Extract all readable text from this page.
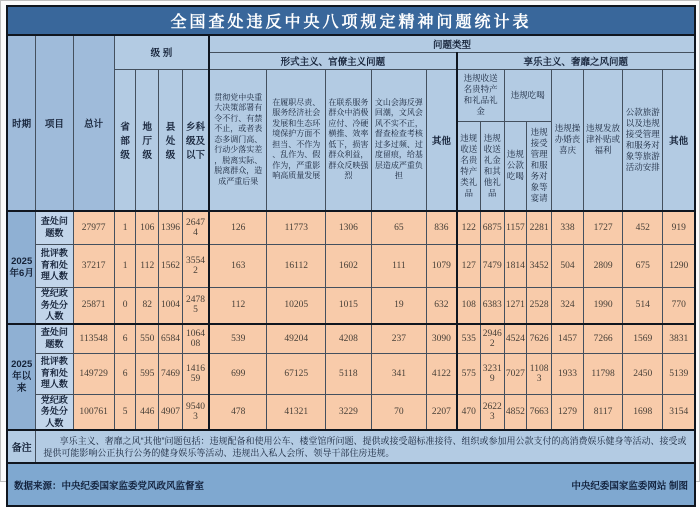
全国查处违反中央八项规定精神问题统计表																			
时期	项目	总计	级 别				问题类型												
							形式主义、官僚主义问题					享乐主义、奢靡之风问题							
			省部级	地厅级	县处级	乡科级及以下	贯彻党中央重大决策部署有令不行、有禁不止，或者表态多调门高、行动少落实差，脱离实际、脱离群众，造成严重后果	在履职尽责、服务经济社会发展和生态环境保护方面不担当、不作为、乱作为、假作为，严重影响高质量发展	在联系服务群众中消极应付、冷硬横推、效率低下，损害群众利益，群众反映强烈	文山会海反弹回潮，文风会风不实不正，督查检查考核过多过频、过度留痕，给基层造成严重负担	其他	违规收送名贵特产和礼品礼金		违规吃喝		违规操办婚丧喜庆	违规发放津补贴或福利	公款旅游以及违规接受管理和服务对象等旅游活动安排	其他
												违规收送名贵特产类礼品	违规收送礼金和其他礼品	违规公款吃喝	违规接受管理和服务对象等宴请				
2025年6月	查处问题数	27977	1	106	1396	26474	126	11773	1306	65	836	122	6875	1157	2281	338	1727	452	919
	批评教育和处理人数	37217	1	112	1562	35542	163	16112	1602	111	1079	127	7479	1814	3452	504	2809	675	1290
	党纪政务处分人数	25871	0	82	1004	24785	112	10205	1015	19	632	108	6383	1271	2528	324	1990	514	770
2025年以来	查处问题数	113548	6	550	6584	106408	539	49204	4208	237	3090	535	29462	4524	7626	1457	7266	1569	3831
	批评教育和处理人数	149729	6	595	7469	141659	699	67125	5118	341	4122	575	32319	7027	11083	1933	11798	2450	5139
	党纪政务处分人数	100761	5	446	4907	95403	478	41321	3229	70	2207	470	26223	4852	7663	1279	8117	1698	3154
备注	享乐主义、奢靡之风“其他”问题包括：违规配备和使用公车、楼堂馆所问题、提供或接受超标准接待、组织或参加用公款支付的高消费娱乐健身等活动、接受或提供可能影响公正执行公务的健身娱乐等活动、违规出入私人会所、领导干部住房违规。																		

数据来源：中央纪委国家监委党风政风监督室 中央纪委国家监委网站 制图																			
